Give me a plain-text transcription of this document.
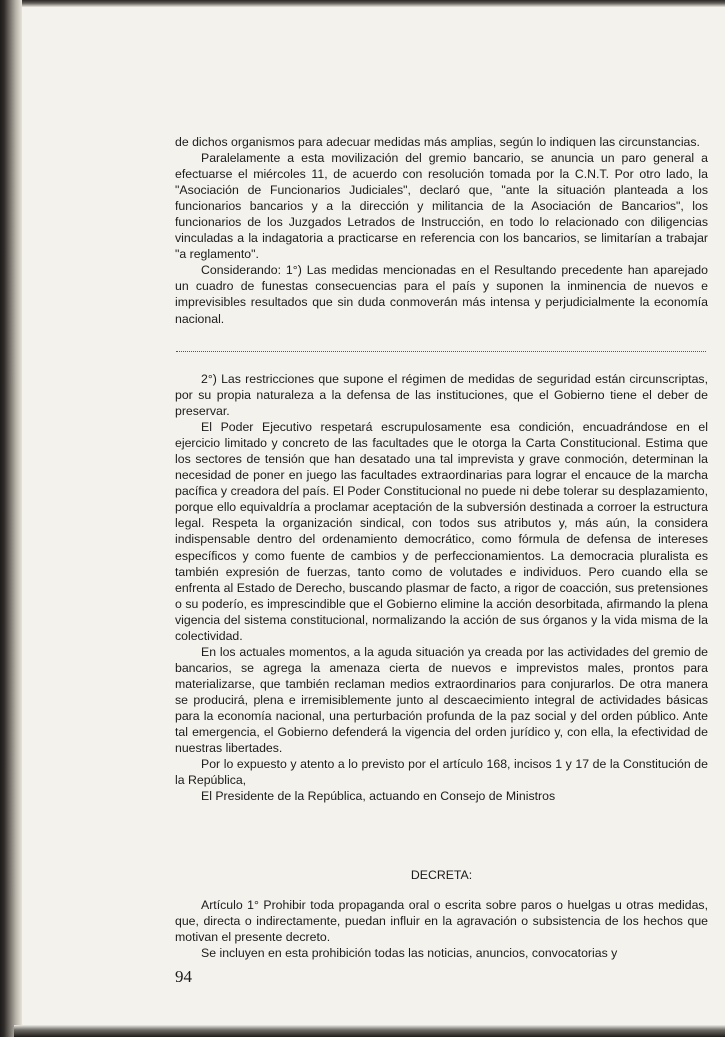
de dichos organismos para adecuar medidas más amplias, según lo indiquen las circunstancias.

Paralelamente a esta movilización del gremio bancario, se anuncia un paro general a efectuarse el miércoles 11, de acuerdo con resolución tomada por la C.N.T. Por otro lado, la "Asociación de Funcionarios Judiciales", declaró que, "ante la situación planteada a los funcionarios bancarios y a la dirección y militancia de la Asociación de Bancarios", los funcionarios de los Juzgados Letrados de Instrucción, en todo lo relacionado con diligencias vinculadas a la indagatoria a practicarse en referencia con los bancarios, se limitarían a trabajar "a reglamento".

Considerando: 1°) Las medidas mencionadas en el Resultando precedente han aparejado un cuadro de funestas consecuencias para el país y suponen la inminencia de nuevos e imprevisibles resultados que sin duda conmoverán más intensa y perjudicialmente la economía nacional.

2°) Las restricciones que supone el régimen de medidas de seguridad están circunscriptas, por su propia naturaleza a la defensa de las instituciones, que el Gobierno tiene el deber de preservar.

El Poder Ejecutivo respetará escrupulosamente esa condición, encuadrándose en el ejercicio limitado y concreto de las facultades que le otorga la Carta Constitucional. Estima que los sectores de tensión que han desatado una tal imprevista y grave conmoción, determinan la necesidad de poner en juego las facultades extraordinarias para lograr el encauce de la marcha pacífica y creadora del país. El Poder Constitucional no puede ni debe tolerar su desplazamiento, porque ello equivaldría a proclamar aceptación de la subversión destinada a corroer la estructura legal. Respeta la organización sindical, con todos sus atributos y, más aún, la considera indispensable dentro del ordenamiento democrático, como fórmula de defensa de intereses específicos y como fuente de cambios y de perfeccionamientos. La democracia pluralista es también expresión de fuerzas, tanto como de volutades e individuos. Pero cuando ella se enfrenta al Estado de Derecho, buscando plasmar de facto, a rigor de coacción, sus pretensiones o su poderío, es imprescindible que el Gobierno elimine la acción desorbitada, afirmando la plena vigencia del sistema constitucional, normalizando la acción de sus órganos y la vida misma de la colectividad.

En los actuales momentos, a la aguda situación ya creada por las actividades del gremio de bancarios, se agrega la amenaza cierta de nuevos e imprevistos males, prontos para materializarse, que también reclaman medios extraordinarios para conjurarlos. De otra manera se producirá, plena e irremisiblemente junto al descaecimiento integral de actividades básicas para la economía nacional, una perturbación profunda de la paz social y del orden público. Ante tal emergencia, el Gobierno defenderá la vigencia del orden jurídico y, con ella, la efectividad de nuestras libertades.

Por lo expuesto y atento a lo previsto por el artículo 168, incisos 1 y 17 de la Constitución de la República,

El Presidente de la República, actuando en Consejo de Ministros

DECRETA:

Artículo 1° Prohibir toda propaganda oral o escrita sobre paros o huelgas u otras medidas, que, directa o indirectamente, puedan influir en la agravación o subsistencia de los hechos que motivan el presente decreto.

Se incluyen en esta prohibición todas las noticias, anuncios, convocatorias y

94
